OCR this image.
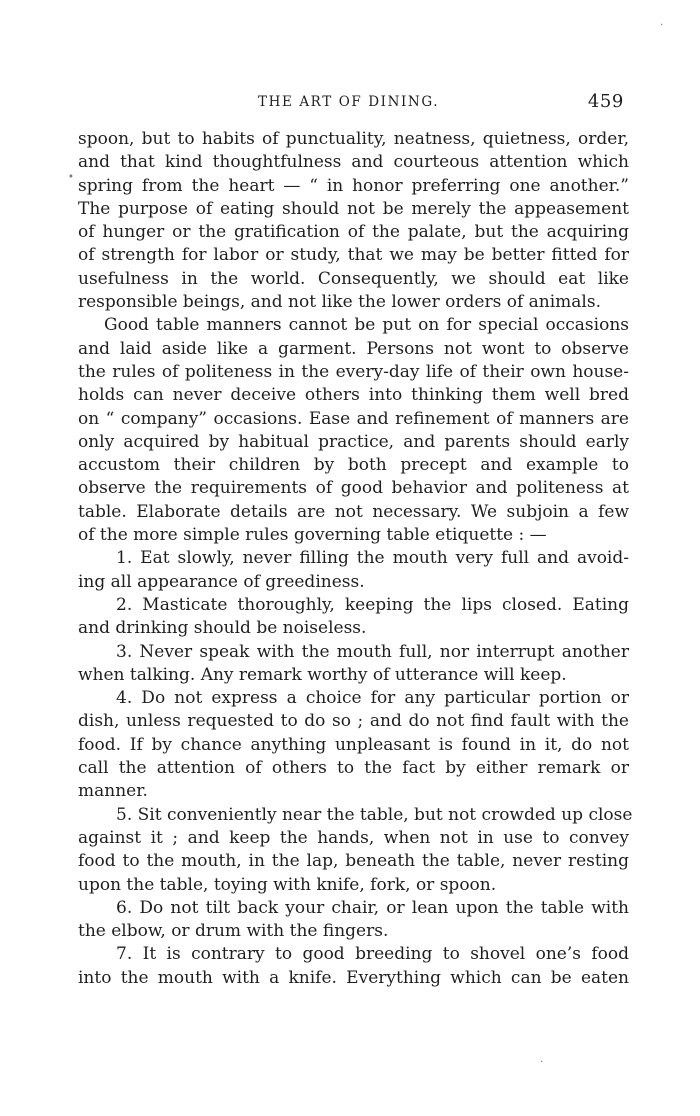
THE ART OF DINING.	459
spoon, but to habits of punctuality, neatness, quietness, order,
and that kind thoughtfulness and courteous attention which
spring from the heart — “ in honor preferring one another.”
The purpose of eating should not be merely the appeasement
of hunger or the gratification of the palate, but the acquiring
of strength for labor or study, that we may be better fitted for
usefulness in the world. Consequently, we should eat like
responsible beings, and not like the lower orders of animals.
Good table manners cannot be put on for special occasions
and laid aside like a garment. Persons not wont to observe
the rules of politeness in the every-day life of their own house-
holds can never deceive others into thinking them well bred
on “ company” occasions. Ease and refinement of manners are
only acquired by habitual practice, and parents should early
accustom their children by both precept and example to
observe the requirements of good behavior and politeness at
table. Elaborate details are not necessary. We subjoin a few
of the more simple rules governing table etiquette : —
1. Eat slowly, never filling the mouth very full and avoid-
ing all appearance of greediness.
2. Masticate thoroughly, keeping the lips closed. Eating
and drinking should be noiseless.
3. Never speak with the mouth full, nor interrupt another
when talking. Any remark worthy of utterance will keep.
4. Do not express a choice for any particular portion or
dish, unless requested to do so ; and do not find fault with the
food. If by chance anything unpleasant is found in it, do not
call the attention of others to the fact by either remark or
manner.
5. Sit conveniently near the table, but not crowded up close
against it ; and keep the hands, when not in use to convey
food to the mouth, in the lap, beneath the table, never resting
upon the table, toying with knife, fork, or spoon.
6. Do not tilt back your chair, or lean upon the table with
the elbow, or drum with the fingers.
7. It is contrary to good breeding to shovel one’s food
into the mouth with a knife. Everything which can be eaten
•
·
·
